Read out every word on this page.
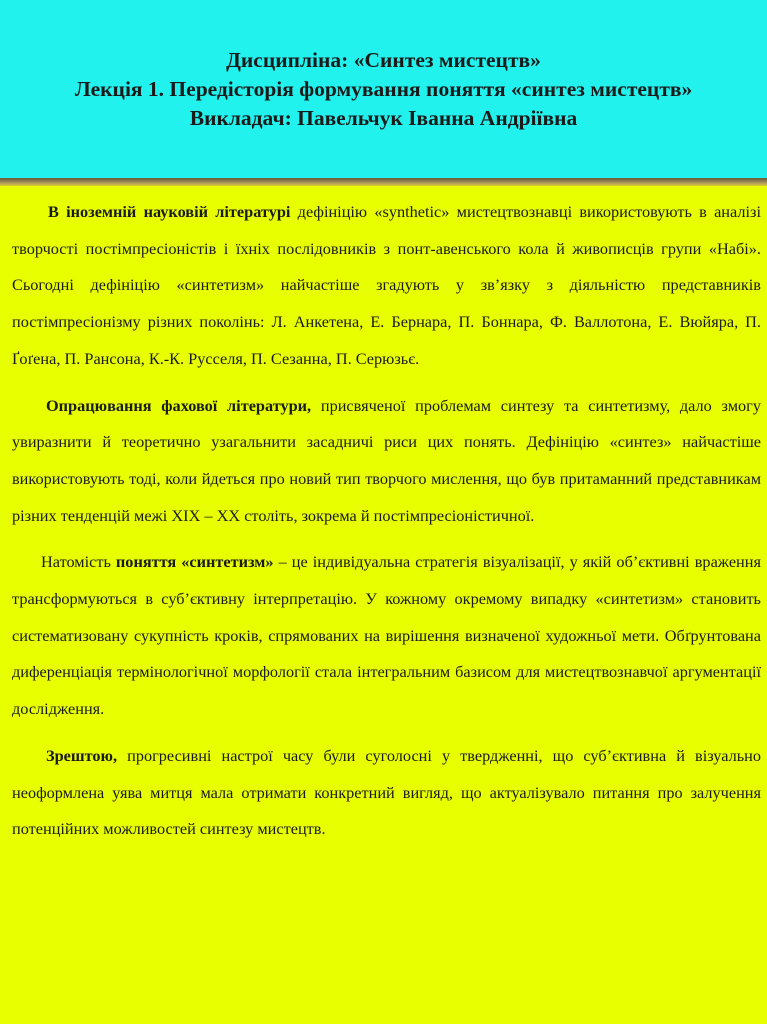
Дисципліна: «Синтез мистецтв»
Лекція 1. Передісторія формування поняття «синтез мистецтв»
Викладач: Павельчук Іванна Андріївна

В іноземній науковій літературі дефініцію «synthetic» мистецтвознавці використовують в аналізі творчості постімпресіоністів і їхніх послідовників з понт-авенського кола й живописців групи «Набі». Сьогодні дефініцію «синтетизм» найчастіше згадують у зв’язку з діяльністю представників постімпресіонізму різних поколінь: Л. Анкетена, Е. Бернара, П. Боннара, Ф. Валлотона, Е. Вюйяра, П. Ґоґена, П. Рансона, К.-К. Русселя, П. Сезанна, П. Серюзьє.

Опрацювання фахової літератури, присвяченої проблемам синтезу та синтетизму, дало змогу увиразнити й теоретично узагальнити засадничі риси цих понять. Дефініцію «синтез» найчастіше використовують тоді, коли йдеться про новий тип творчого мислення, що був притаманний представникам різних тенденцій межі XIX – XX століть, зокрема й постімпресіоністичної.

Натомість поняття «синтетизм» – це індивідуальна стратегія візуалізації, у якій об’єктивні враження трансформуються в суб’єктивну інтерпретацію. У кожному окремому випадку «синтетизм» становить систематизовану сукупність кроків, спрямованих на вирішення визначеної художньої мети. Обґрунтована диференціація термінологічної морфології стала інтегральним базисом для мистецтвознавчої аргументації дослідження.

Зрештою, прогресивні настрої часу були суголосні у твердженні, що суб’єктивна й візуально неоформлена уява митця мала отримати конкретний вигляд, що актуалізувало питання про залучення потенційних можливостей синтезу мистецтв.
